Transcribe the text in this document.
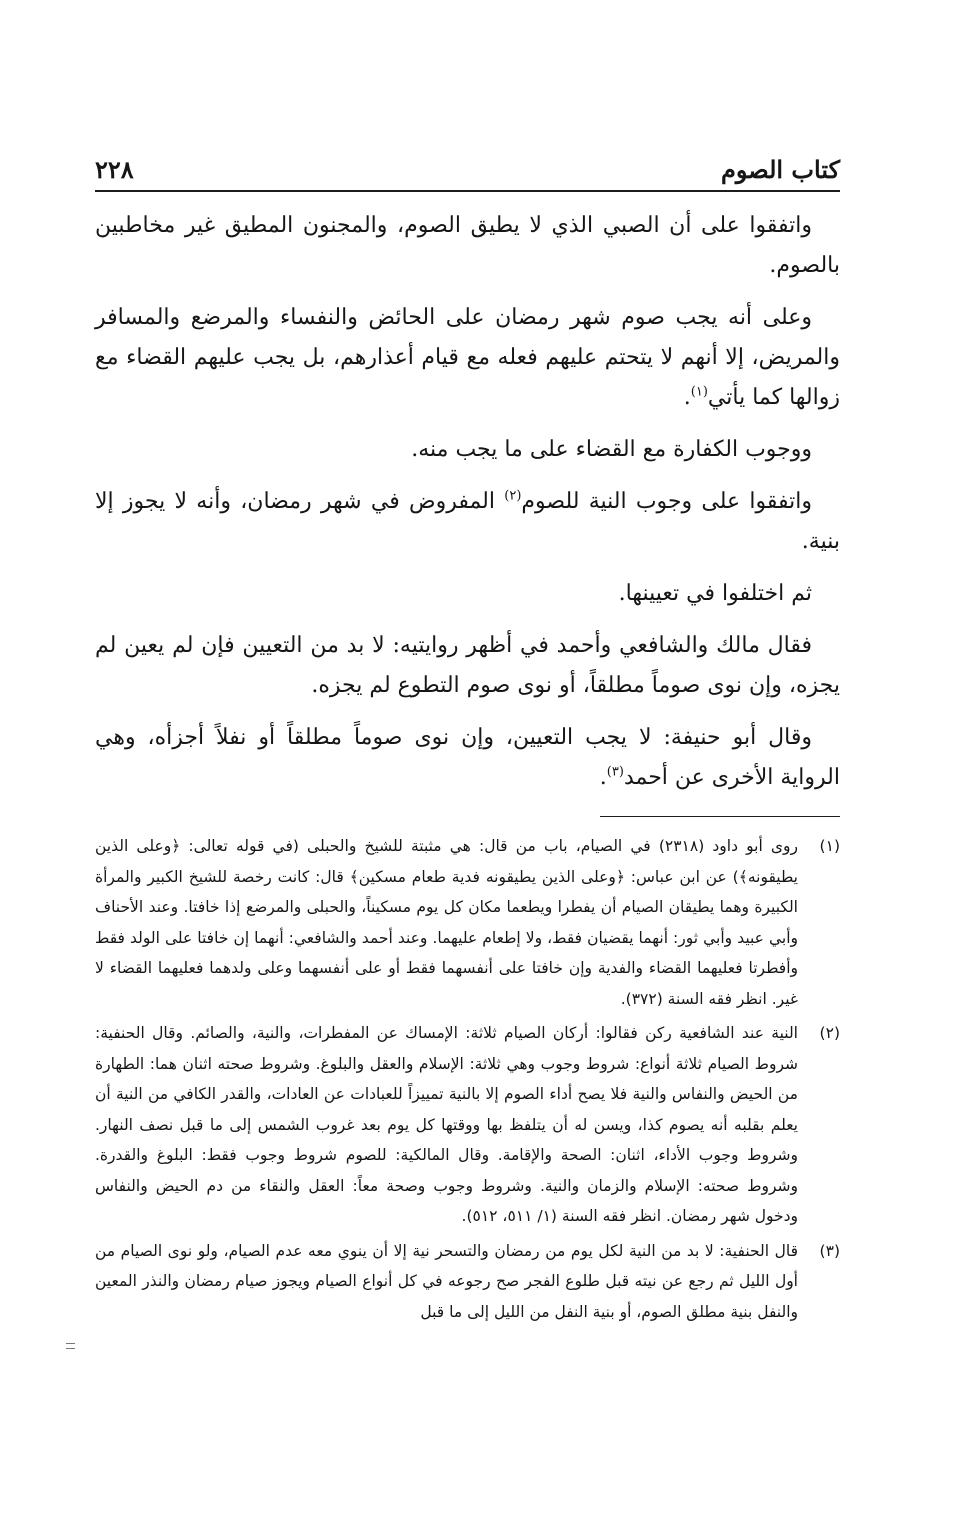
كتاب الصوم
٢٢٨

واتفقوا على أن الصبي الذي لا يطيق الصوم، والمجنون المطيق غير مخاطبين بالصوم.

وعلى أنه يجب صوم شهر رمضان على الحائض والنفساء والمرضع والمسافر والمريض، إلا أنهم لا يتحتم عليهم فعله مع قيام أعذارهم، بل يجب عليهم القضاء مع زوالها كما يأتي$^{(١)}$.

ووجوب الكفارة مع القضاء على ما يجب منه.

واتفقوا على وجوب النية للصوم$^{(٢)}$ المفروض في شهر رمضان، وأنه لا يجوز إلا بنية.

ثم اختلفوا في تعيينها.

فقال مالك والشافعي وأحمد في أظهر روايتيه: لا بد من التعيين فإن لم يعين لم يجزه، وإن نوى صوماً مطلقاً، أو نوى صوم التطوع لم يجزه.

وقال أبو حنيفة: لا يجب التعيين، وإن نوى صوماً مطلقاً أو نفلاً أجزأه، وهي الرواية الأخرى عن أحمد$^{(٣)}$.

(١)
روى أبو داود (٢٣١٨) في الصيام، باب من قال: هي مثبتة للشيخ والحبلى (في قوله تعالى: ﴿وعلى الذين يطيقونه﴾) عن ابن عباس: ﴿وعلى الذين يطيقونه فدية طعام مسكين﴾ قال: كانت رخصة للشيخ الكبير والمرأة الكبيرة وهما يطيقان الصيام أن يفطرا ويطعما مكان كل يوم مسكيناً، والحبلى والمرضع إذا خافتا. وعند الأحناف وأبي عبيد وأبي ثور: أنهما يقضيان فقط، ولا إطعام عليهما. وعند أحمد والشافعي: أنهما إن خافتا على الولد فقط وأفطرتا فعليهما القضاء والفدية وإن خافتا على أنفسهما فقط أو على أنفسهما وعلى ولدهما فعليهما القضاء لا غير. انظر فقه السنة (٣٧٢).
(٢)
النية عند الشافعية ركن فقالوا: أركان الصيام ثلاثة: الإمساك عن المفطرات، والنية، والصائم. وقال الحنفية: شروط الصيام ثلاثة أنواع: شروط وجوب وهي ثلاثة: الإسلام والعقل والبلوغ. وشروط صحته اثنان هما: الطهارة من الحيض والنفاس والنية فلا يصح أداء الصوم إلا بالنية تمييزاً للعبادات عن العادات، والقدر الكافي من النية أن يعلم بقلبه أنه يصوم كذا، ويسن له أن يتلفظ بها ووقتها كل يوم بعد غروب الشمس إلى ما قبل نصف النهار. وشروط وجوب الأداء، اثنان: الصحة والإقامة. وقال المالكية: للصوم شروط وجوب فقط: البلوغ والقدرة. وشروط صحته: الإسلام والزمان والنية. وشروط وجوب وصحة معاً: العقل والنقاء من دم الحيض والنفاس ودخول شهر رمضان. انظر فقه السنة (١/ ٥١١، ٥١٢).
(٣)
قال الحنفية: لا بد من النية لكل يوم من رمضان والتسحر نية إلا أن ينوي معه عدم الصيام، ولو نوى الصيام من أول الليل ثم رجع عن نيته قبل طلوع الفجر صح رجوعه في كل أنواع الصيام ويجوز صيام رمضان والنذر المعين والنفل بنية مطلق الصوم، أو بنية النفل من الليل إلى ما قبل
